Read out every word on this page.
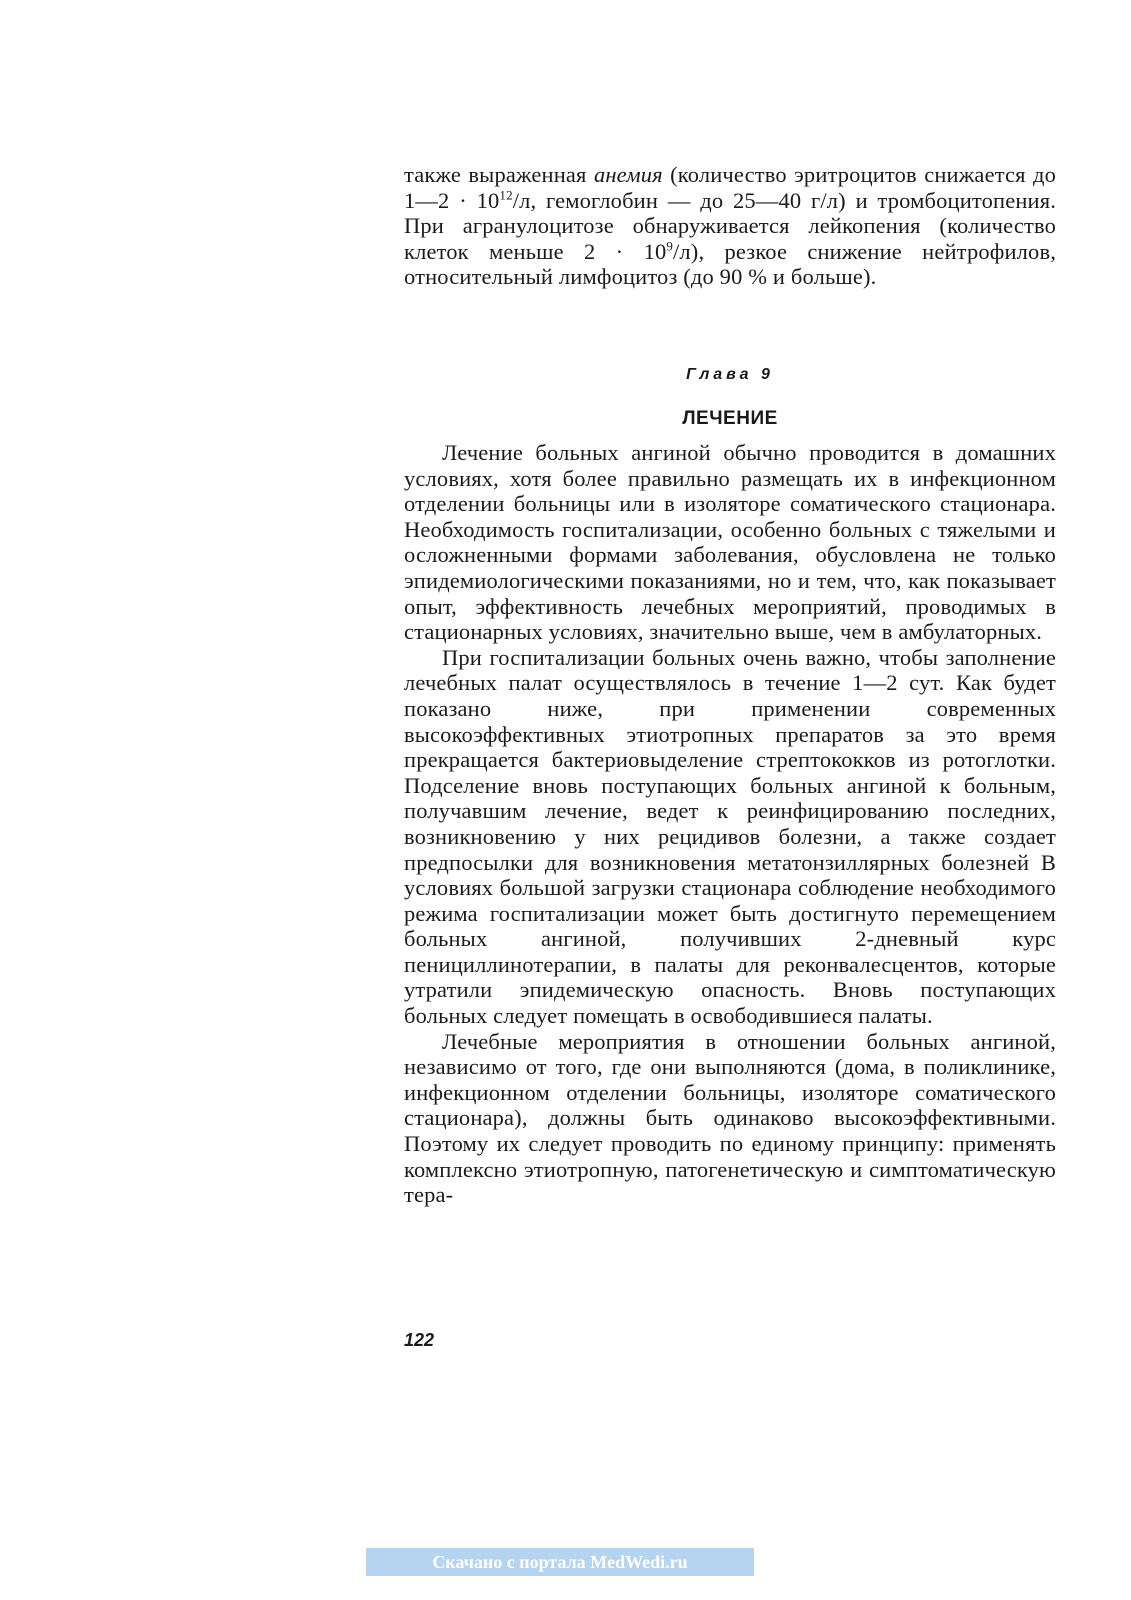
также выраженная анемия (количество эритроцитов снижается до 1—2 · $10^{12}/л$, гемоглобин — до 25—40 г/л) и тромбоцитопения. При агранулоцитозе обнаруживается лейкопения (количество клеток меньше $2 \cdot 10^9/л$), резкое снижение нейтрофилов, относительный лимфоцитоз (до 90 % и больше).

Глава 9
ЛЕЧЕНИЕ

Лечение больных ангиной обычно проводится в домашних условиях, хотя более правильно размещать их в инфекционном отделении больницы или в изоляторе соматического стационара. Необходимость госпитализации, особенно больных с тяжелыми и осложненными формами заболевания, обусловлена не только эпидемиологическими показаниями, но и тем, что, как показывает опыт, эффективность лечебных мероприятий, проводимых в стационарных условиях, значительно выше, чем в амбулаторных.

При госпитализации больных очень важно, чтобы заполнение лечебных палат осуществлялось в течение 1—2 сут. Как будет показано ниже, при применении современных высокоэффективных этиотропных препаратов за это время прекращается бактериовыделение стрептококков из ротоглотки. Подселение вновь поступающих больных ангиной к больным, получавшим лечение, ведет к реинфицированию последних, возникновению у них рецидивов болезни, а также создает предпосылки для возникновения метатонзиллярных болезней В условиях большой загрузки стационара соблюдение необходимого режима госпитализации может быть достигнуто перемещением больных ангиной, получивших 2-дневный курс пенициллинотерапии, в палаты для реконвалесцентов, которые утратили эпидемическую опасность. Вновь поступающих больных следует помещать в освободившиеся палаты.

Лечебные мероприятия в отношении больных ангиной, независимо от того, где они выполняются (дома, в поликлинике, инфекционном отделении больницы, изоляторе соматического стационара), должны быть одинаково высокоэффективными. Поэтому их следует проводить по единому принципу: применять комплексно этиотропную, патогенетическую и симптоматическую тера-

122
Скачано с портала MedWedi.ru
